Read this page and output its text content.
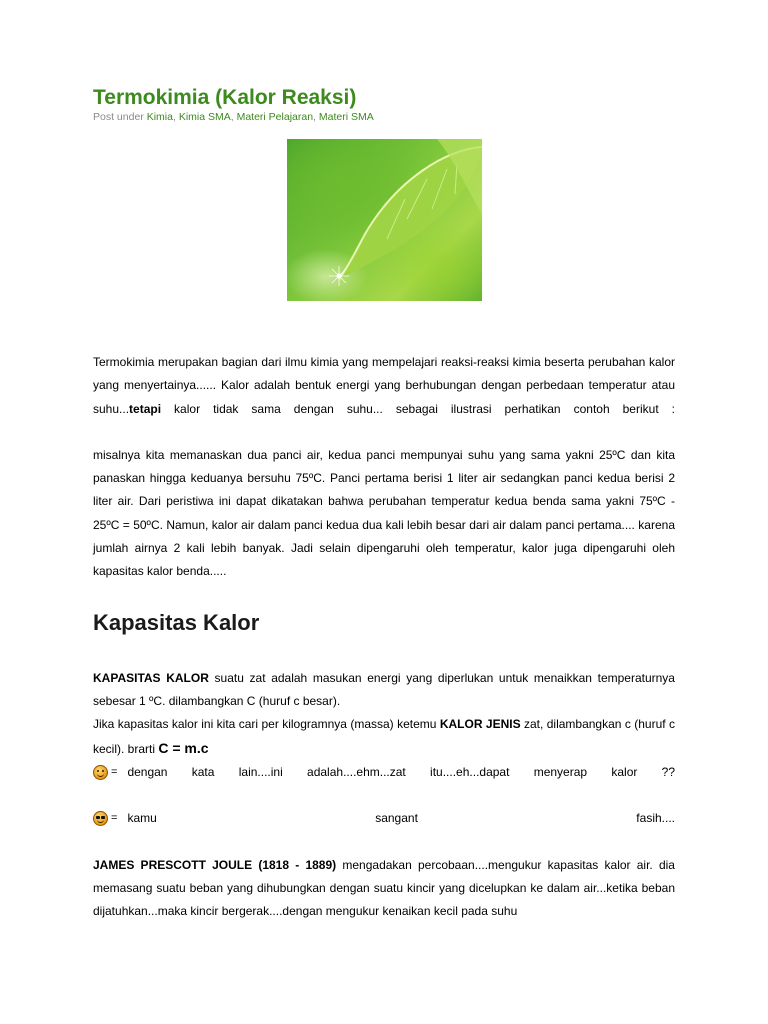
Termokimia (Kalor Reaksi)
Post under Kimia, Kimia SMA, Materi Pelajaran, Materi SMA

Termokimia merupakan bagian dari ilmu kimia yang mempelajari reaksi-reaksi kimia beserta perubahan kalor yang menyertainya...... Kalor adalah bentuk energi yang berhubungan dengan perbedaan temperatur atau suhu...tetapi kalor tidak sama dengan suhu... sebagai ilustrasi perhatikan contoh berikut :

misalnya kita memanaskan dua panci air, kedua panci mempunyai suhu yang sama yakni 25ºC dan kita panaskan hingga keduanya bersuhu 75ºC. Panci pertama berisi 1 liter air sedangkan panci kedua berisi 2 liter air. Dari peristiwa ini dapat dikatakan bahwa perubahan temperatur kedua benda sama yakni 75ºC - 25ºC = 50ºC. Namun, kalor air dalam panci kedua dua kali lebih besar dari air dalam panci pertama.... karena jumlah airnya 2 kali lebih banyak. Jadi selain dipengaruhi oleh temperatur, kalor juga dipengaruhi oleh kapasitas kalor benda.....

Kapasitas Kalor

KAPASITAS KALOR suatu zat adalah masukan energi yang diperlukan untuk menaikkan temperaturnya sebesar 1 ºC. dilambangkan C (huruf c besar).

Jika kapasitas kalor ini kita cari per kilogramnya (massa) ketemu KALOR JENIS zat, dilambangkan c (huruf c kecil). brarti C = m.c

= dengan kata lain....ini adalah....ehm...zat itu....eh...dapat menyerap kalor ??
= kamu sangant fasih....

JAMES PRESCOTT JOULE (1818 - 1889) mengadakan percobaan....mengukur kapasitas kalor air. dia memasang suatu beban yang dihubungkan dengan suatu kincir yang dicelupkan ke dalam air...ketika beban dijatuhkan...maka kincir bergerak....dengan mengukur kenaikan kecil pada suhu
